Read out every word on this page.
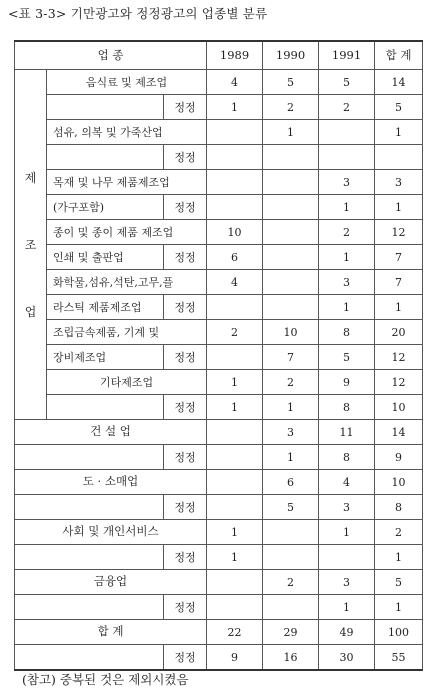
<표 3-3> 기만광고와 정정광고의 업종별 분류
업 종			1989	1990	1991	합 계

제

조

업	음식료 및 제조업		4	5	5	14
		정정	1	2	2	5
	섬유, 의복 및 가죽산업			1		1
		정정				
	목재 및 나무 제품제조업				3	3
	(가구포함)	정정			1	1
	종이 및 종이 제품 제조업		10		2	12
	인쇄 및 출판업	정정	6		1	7
	화학물,섬유,석탄,고무,플		4		3	7
	라스틱 제품제조업	정정			1	1
	조립금속제품, 기계 및		2	10	8	20
	장비제조업	정정		7	5	12
	기타제조업		1	2	9	12
		정정	1	1	8	10
건 설 업				3	11	14
		정정		1	8	9
도 · 소매업				6	4	10
		정정		5	3	8
사회 및 개인서비스			1		1	2
		정정	1			1
금융업				2	3	5
		정정			1	1
합 계			22	29	49	100
		정정	9	16	30	55
(참고) 중복된 것은 제외시켰음
